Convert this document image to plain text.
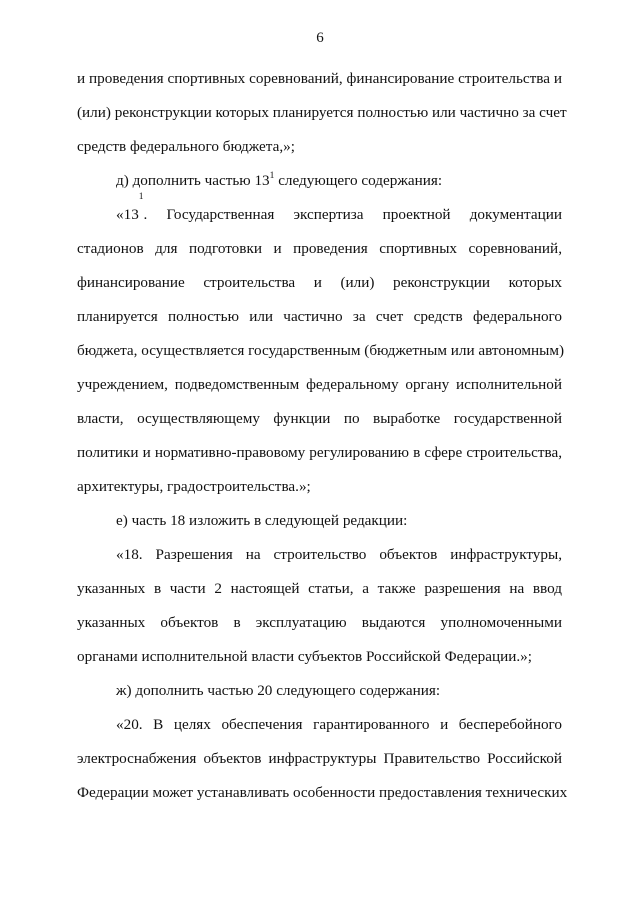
6
и проведения спортивных соревнований, финансирование строительства и
(или) реконструкции которых планируется полностью или частично за счет
средств федерального бюджета,»;
д) дополнить частью $13^1$ следующего содержания:
«13
$^1$
. Государственная экспертиза проектной документации
стадионов для подготовки и проведения спортивных соревнований,
финансирование строительства и (или) реконструкции которых
планируется полностью или частично за счет средств федерального
бюджета, осуществляется государственным (бюджетным или автономным)
учреждением, подведомственным федеральному органу исполнительной
власти, осуществляющему функции по выработке государственной
политики и нормативно-правовому регулированию в сфере строительства,
архитектуры, градостроительства.»;
е) часть 18 изложить в следующей редакции:
«18. Разрешения на строительство объектов инфраструктуры,
указанных в части 2 настоящей статьи, а также разрешения на ввод
указанных объектов в эксплуатацию выдаются уполномоченными
органами исполнительной власти субъектов Российской Федерации.»;
ж) дополнить частью 20 следующего содержания:
«20. В целях обеспечения гарантированного и бесперебойного
электроснабжения объектов инфраструктуры Правительство Российской
Федерации может устанавливать особенности предоставления технических
